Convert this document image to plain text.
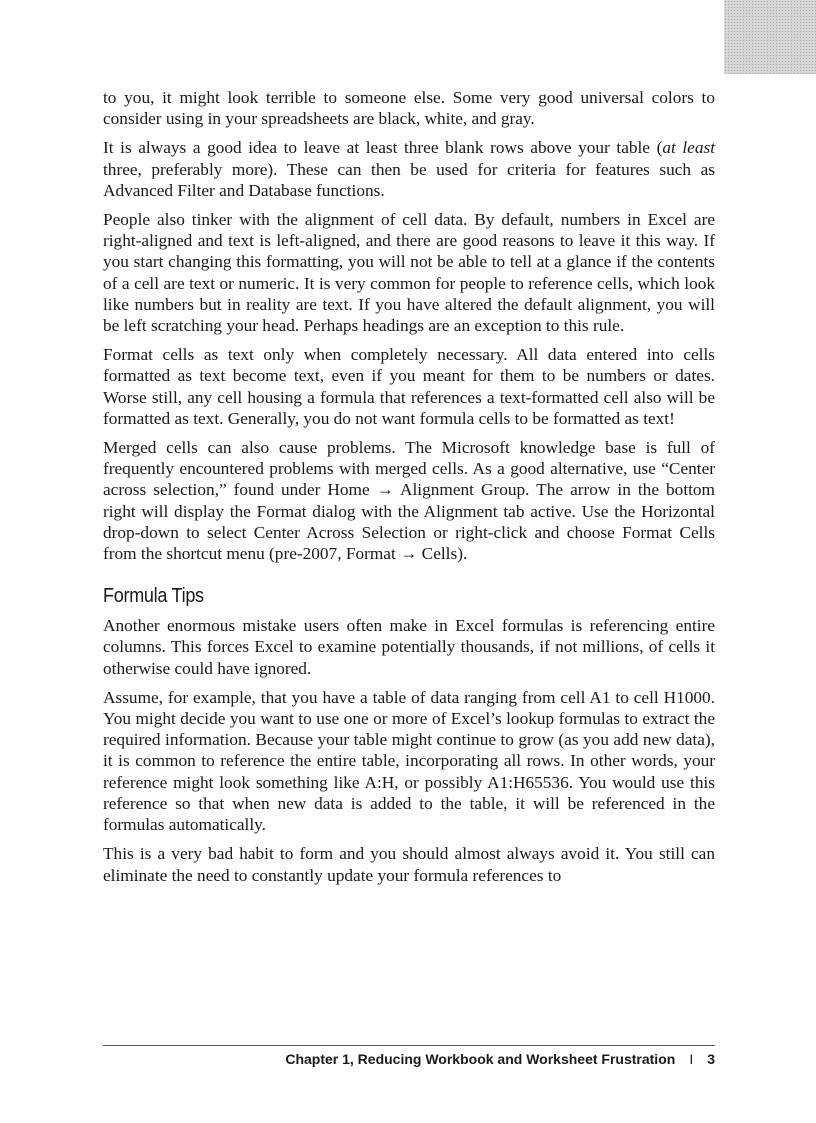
to you, it might look terrible to someone else. Some very good universal colors to consider using in your spreadsheets are black, white, and gray.

It is always a good idea to leave at least three blank rows above your table (at least three, preferably more). These can then be used for criteria for features such as Advanced Filter and Database functions.

People also tinker with the alignment of cell data. By default, numbers in Excel are right-aligned and text is left-aligned, and there are good reasons to leave it this way. If you start changing this formatting, you will not be able to tell at a glance if the contents of a cell are text or numeric. It is very common for people to reference cells, which look like numbers but in reality are text. If you have altered the default alignment, you will be left scratching your head. Perhaps headings are an exception to this rule.

Format cells as text only when completely necessary. All data entered into cells formatted as text become text, even if you meant for them to be numbers or dates. Worse still, any cell housing a formula that references a text-formatted cell also will be formatted as text. Generally, you do not want formula cells to be formatted as text!

Merged cells can also cause problems. The Microsoft knowledge base is full of frequently encountered problems with merged cells. As a good alternative, use “Center across selection,” found under Home → Alignment Group. The arrow in the bottom right will display the Format dialog with the Alignment tab active. Use the Horizontal drop-down to select Center Across Selection or right-click and choose Format Cells from the shortcut menu (pre-2007, Format → Cells).

Formula Tips

Another enormous mistake users often make in Excel formulas is referencing entire columns. This forces Excel to examine potentially thousands, if not millions, of cells it otherwise could have ignored.

Assume, for example, that you have a table of data ranging from cell A1 to cell H1000. You might decide you want to use one or more of Excel’s lookup formulas to extract the required information. Because your table might continue to grow (as you add new data), it is common to reference the entire table, incorporating all rows. In other words, your reference might look something like A:H, or possibly A1:H65536. You would use this reference so that when new data is added to the table, it will be referenced in the formulas automatically.

This is a very bad habit to form and you should almost always avoid it. You still can eliminate the need to constantly update your formula references to

Chapter 1, Reducing Workbook and Worksheet Frustration I 3
